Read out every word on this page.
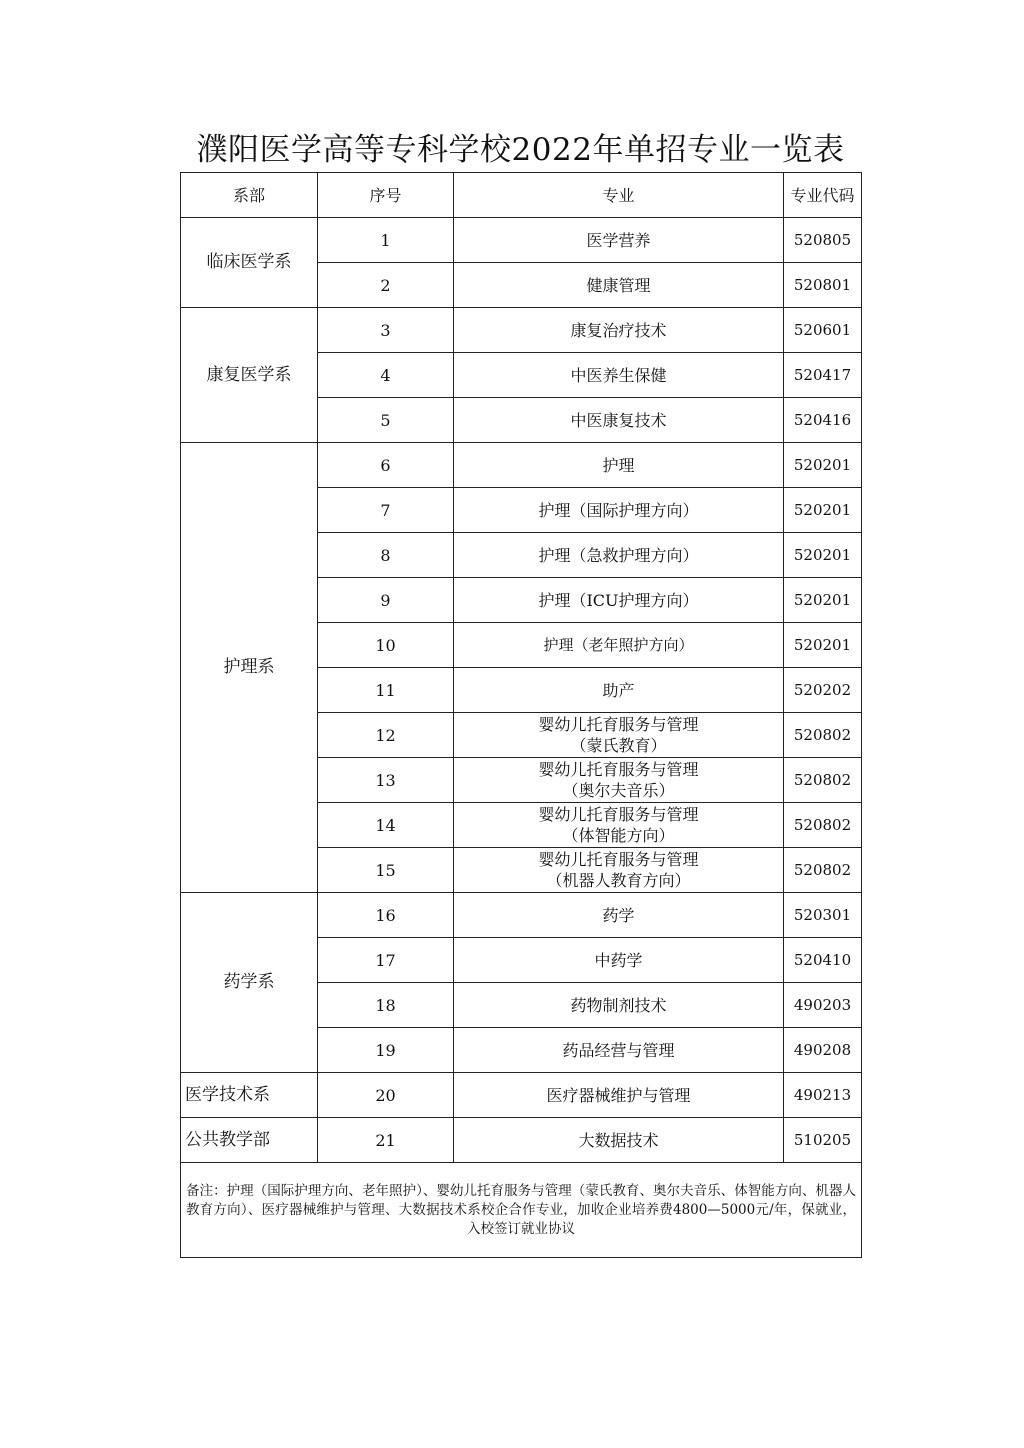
濮阳医学高等专科学校2022年单招专业一览表
系部	序号	专业	专业代码
临床医学系	1	医学营养	520805
	2	健康管理	520801
康复医学系	3	康复治疗技术	520601
	4	中医养生保健	520417
	5	中医康复技术	520416
护理系	6	护理	520201
	7	护理（国际护理方向）	520201
	8	护理（急救护理方向）	520201
	9	护理（ICU护理方向）	520201
	10	护理（老年照护方向）	520201
	11	助产	520202
	12	婴幼儿托育服务与管理
（蒙氏教育）	520802
	13	婴幼儿托育服务与管理
（奥尔夫音乐）	520802
	14	婴幼儿托育服务与管理
（体智能方向）	520802
	15	婴幼儿托育服务与管理
（机器人教育方向）	520802
药学系	16	药学	520301
	17	中药学	520410
	18	药物制剂技术	490203
	19	药品经营与管理	490208
医学技术系	20	医疗器械维护与管理	490213
公共教学部	21	大数据技术	510205

备注：护理（国际护理方向、老年照护）、婴幼儿托育服务与管理（蒙氏教育、奥尔夫音乐、体智能方向、机器人教育方向）、医疗器械维护与管理、大数据技术系校企合作专业，加收企业培养费4800—5000元/年，保就业，入校签订就业协议			
